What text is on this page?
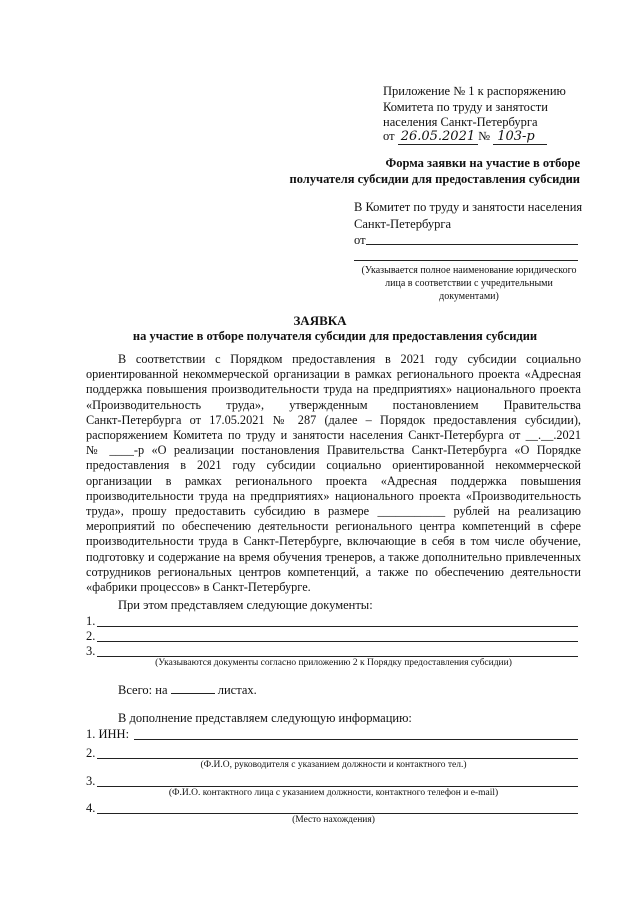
Приложение № 1 к распоряжению
Комитета по труду и занятости
населения Санкт-Петербурга
от 26.05.2021 № 103-р
Форма заявки на участие в отборе
получателя субсидии для предоставления субсидии
В Комитет по труду и занятости населения
Санкт-Петербурга
от
(Указывается полное наименование юридического
лица в соответствии с учредительными
документами)
ЗАЯВКА
на участие в отборе получателя субсидии для предоставления субсидии
В соответствии с Порядком предоставления в 2021 году субсидии социально
ориентированной некоммерческой организации в рамках регионального проекта «Адресная
поддержка повышения производительности труда на предприятиях» национального проекта
«Производительность труда», утвержденным постановлением Правительства
Санкт-Петербурга от 17.05.2021 № 287 (далее – Порядок предоставления субсидии),
распоряжением Комитета по труду и занятости населения Санкт-Петербурга от __.__.2021
№ ____-р «О реализации постановления Правительства Санкт-Петербурга «О Порядке
предоставления в 2021 году субсидии социально ориентированной некоммерческой
организации в рамках регионального проекта «Адресная поддержка повышения
производительности труда на предприятиях» национального проекта «Производительность
труда», прошу предоставить субсидию в размере ___________ рублей на реализацию
мероприятий по обеспечению деятельности регионального центра компетенций в сфере
производительности труда в Санкт-Петербурге, включающие в себя в том числе обучение,
подготовку и содержание на время обучения тренеров, а также дополнительно привлеченных
сотрудников региональных центров компетенций, а также по обеспечению деятельности
«фабрики процессов» в Санкт-Петербурге.
При этом представляем следующие документы:
1.
2.
3.
(Указываются документы согласно приложению 2 к Порядку предоставления субсидии)
Всего: на	листах.
В дополнение представляем следующую информацию:
1. ИНН:
2.
(Ф.И.О, руководителя с указанием должности и контактного тел.)
3.
(Ф.И.О. контактного лица с указанием должности, контактного телефон и e-mail)
4.
(Место нахождения)
